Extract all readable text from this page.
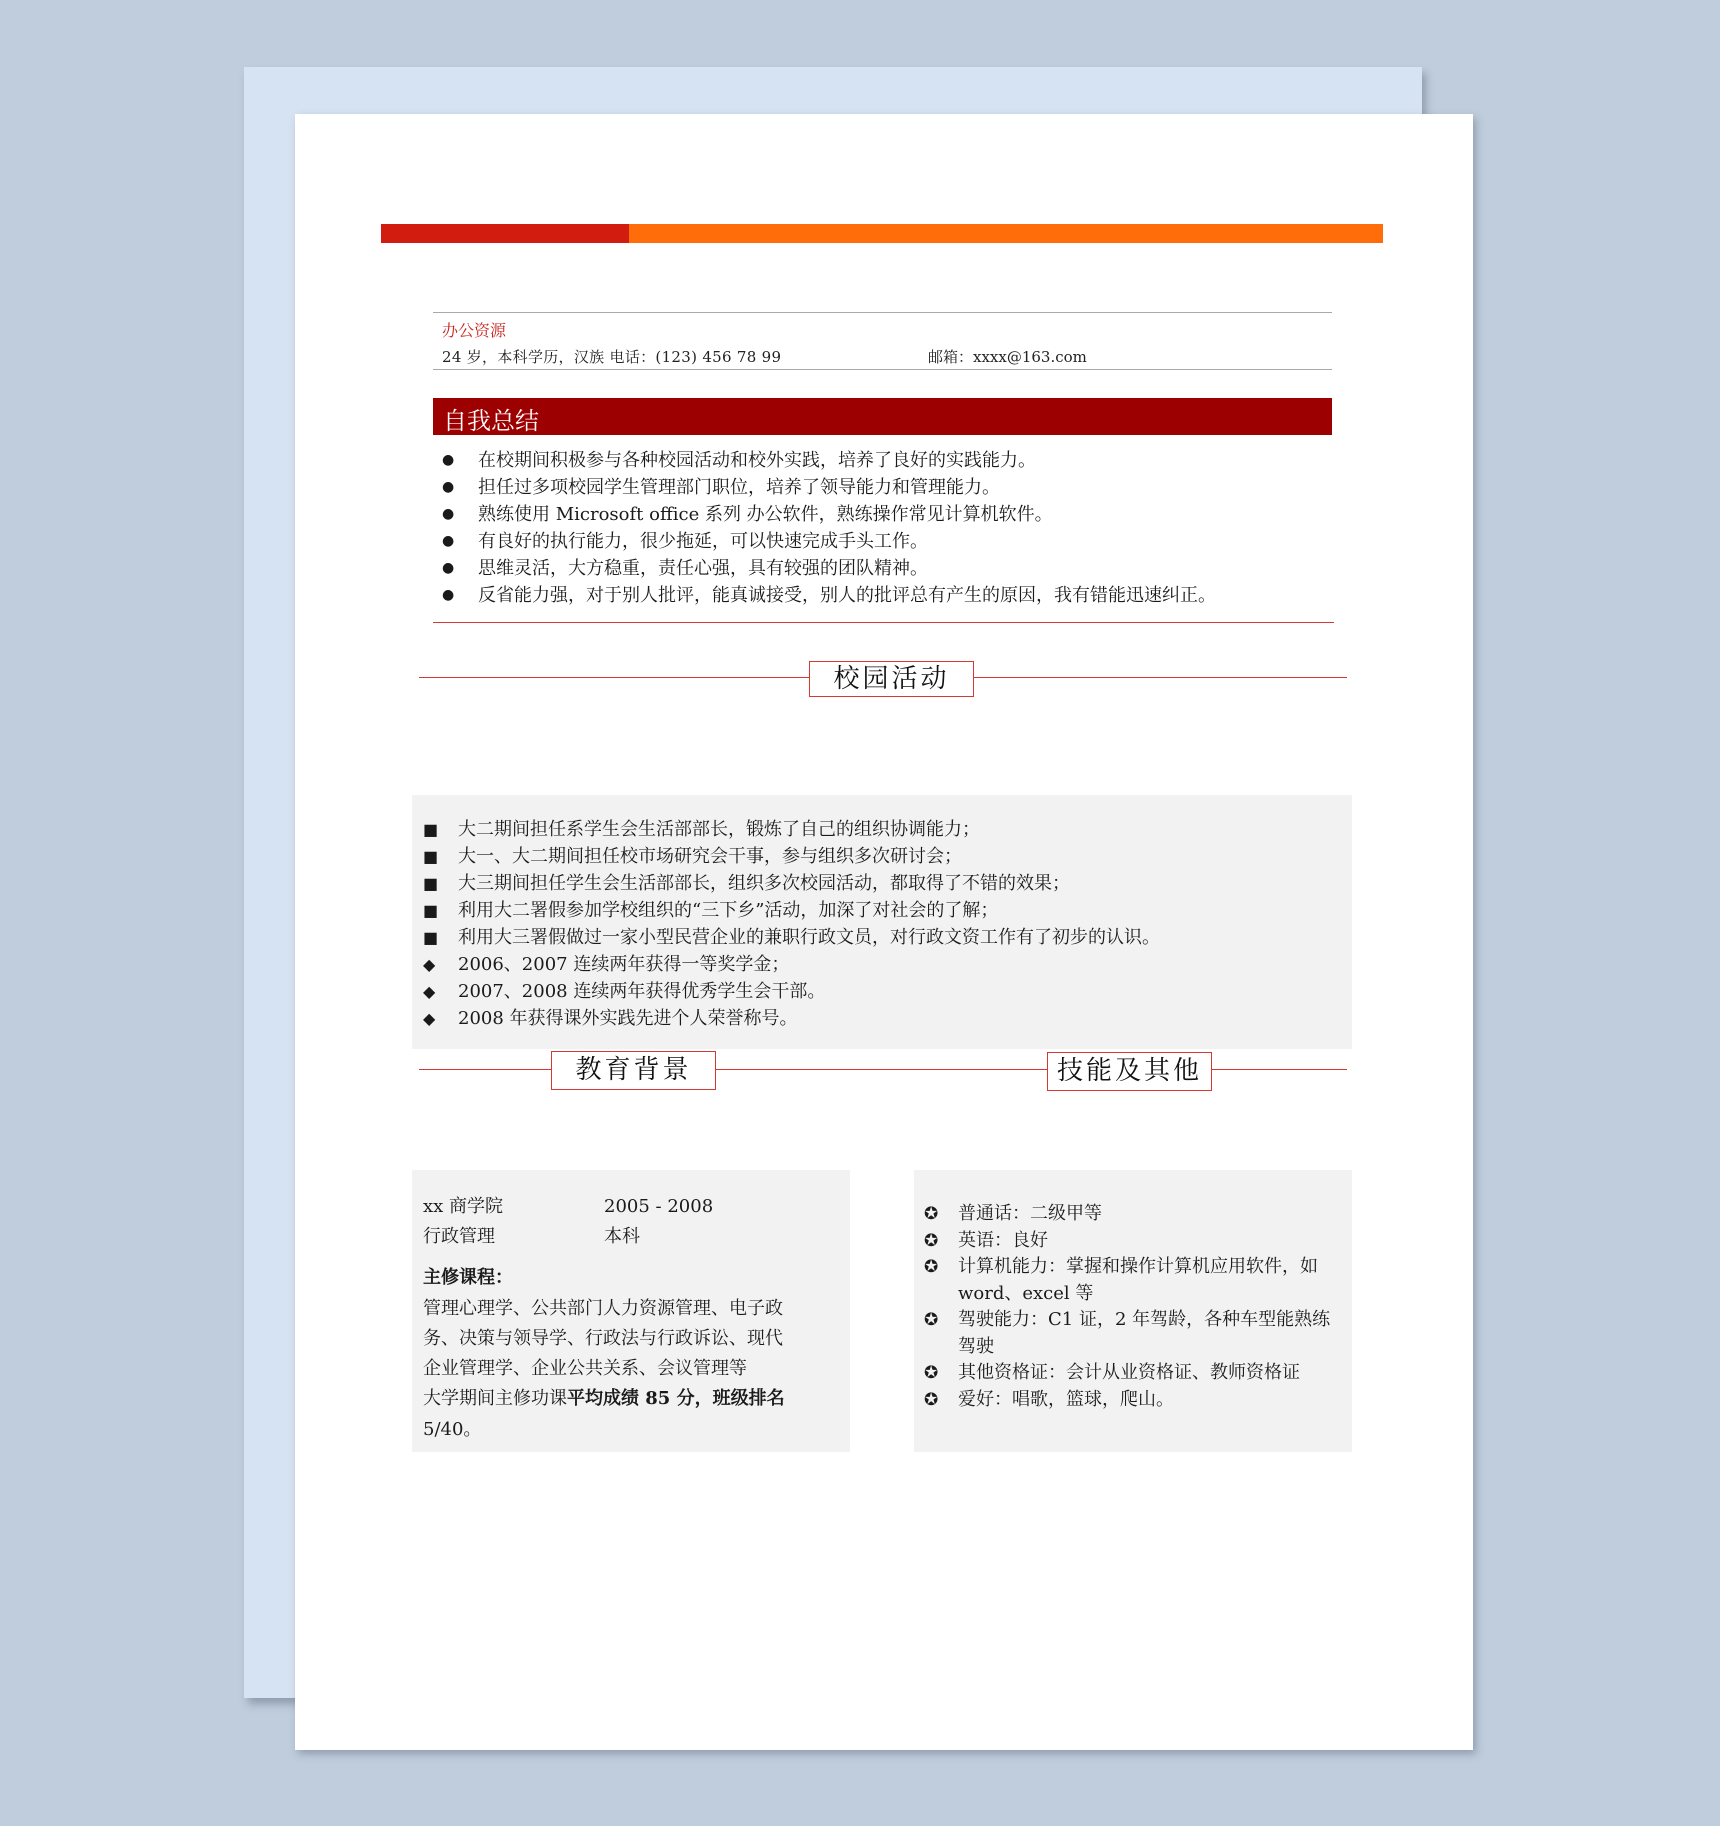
办公资源
24 岁，本科学历，汉族 电话：(123) 456 78 99	邮箱：xxxx@163.com
自我总结
● 在校期间积极参与各种校园活动和校外实践，培养了良好的实践能力。
● 担任过多项校园学生管理部门职位，培养了领导能力和管理能力。
● 熟练使用 Microsoft office 系列 办公软件，熟练操作常见计算机软件。
● 有良好的执行能力，很少拖延，可以快速完成手头工作。
● 思维灵活，大方稳重，责任心强，具有较强的团队精神。
● 反省能力强，对于别人批评，能真诚接受，别人的批评总有产生的原因，我有错能迅速纠正。
校园活动
■ 大二期间担任系学生会生活部部长，锻炼了自己的组织协调能力；
■ 大一、大二期间担任校市场研究会干事，参与组织多次研讨会；
■ 大三期间担任学生会生活部部长，组织多次校园活动，都取得了不错的效果；
■ 利用大二署假参加学校组织的“三下乡”活动，加深了对社会的了解；
■ 利用大三署假做过一家小型民营企业的兼职行政文员，对行政文资工作有了初步的认识。
◆ 2006、2007 连续两年获得一等奖学金；
◆ 2007、2008 连续两年获得优秀学生会干部。
◆ 2008 年获得课外实践先进个人荣誉称号。
教育背景	技能及其他
xx 商学院	2005 - 2008
行政管理	本科
主修课程：
管理心理学、公共部门人力资源管理、电子政
务、决策与领导学、行政法与行政诉讼、现代
企业管理学、企业公共关系、会议管理等
大学期间主修功课平均成绩 85 分，班级排名
5/40。
✪ 普通话：二级甲等
✪ 英语：良好
✪ 计算机能力：掌握和操作计算机应用软件，如 word、excel 等
✪ 驾驶能力：C1 证，2 年驾龄，各种车型能熟练驾驶
✪ 其他资格证：会计从业资格证、教师资格证
✪ 爱好：唱歌，篮球，爬山。
